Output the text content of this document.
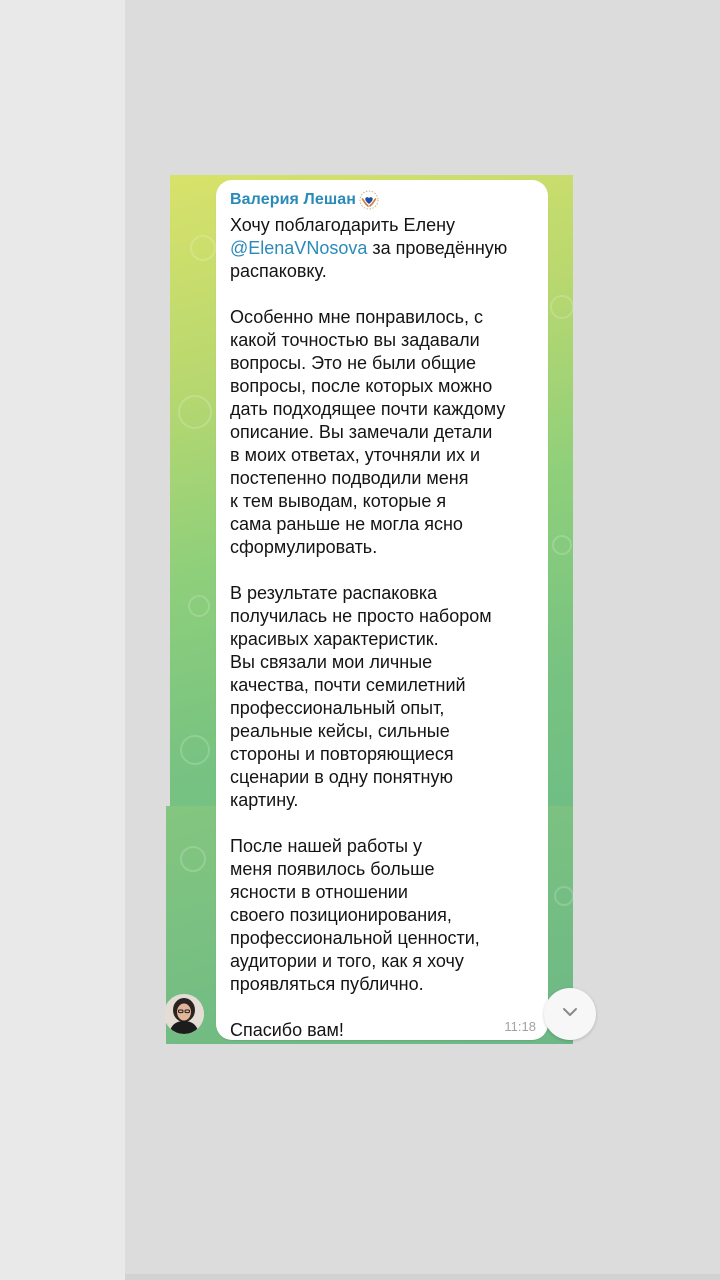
Валерия Лешан

Хочу поблагодарить Елену
@ElenaVNosova за проведённую распаковку.

Особенно мне понравилось, с
какой точностью вы задавали
вопросы. Это не были общие
вопросы, после которых можно
дать подходящее почти каждому
описание. Вы замечали детали
в моих ответах, уточняли их и
постепенно подводили меня
к тем выводам, которые я
сама раньше не могла ясно
сформулировать.

В результате распаковка
получилась не просто набором
красивых характеристик.
Вы связали мои личные
качества, почти семилетний
профессиональный опыт,
реальные кейсы, сильные
стороны и повторяющиеся
сценарии в одну понятную
картину.

После нашей работы у
меня появилось больше
ясности в отношении
своего позиционирования,
профессиональной ценности,
аудитории и того, как я хочу
проявляться публично.

Спасибо вам!	11:18
